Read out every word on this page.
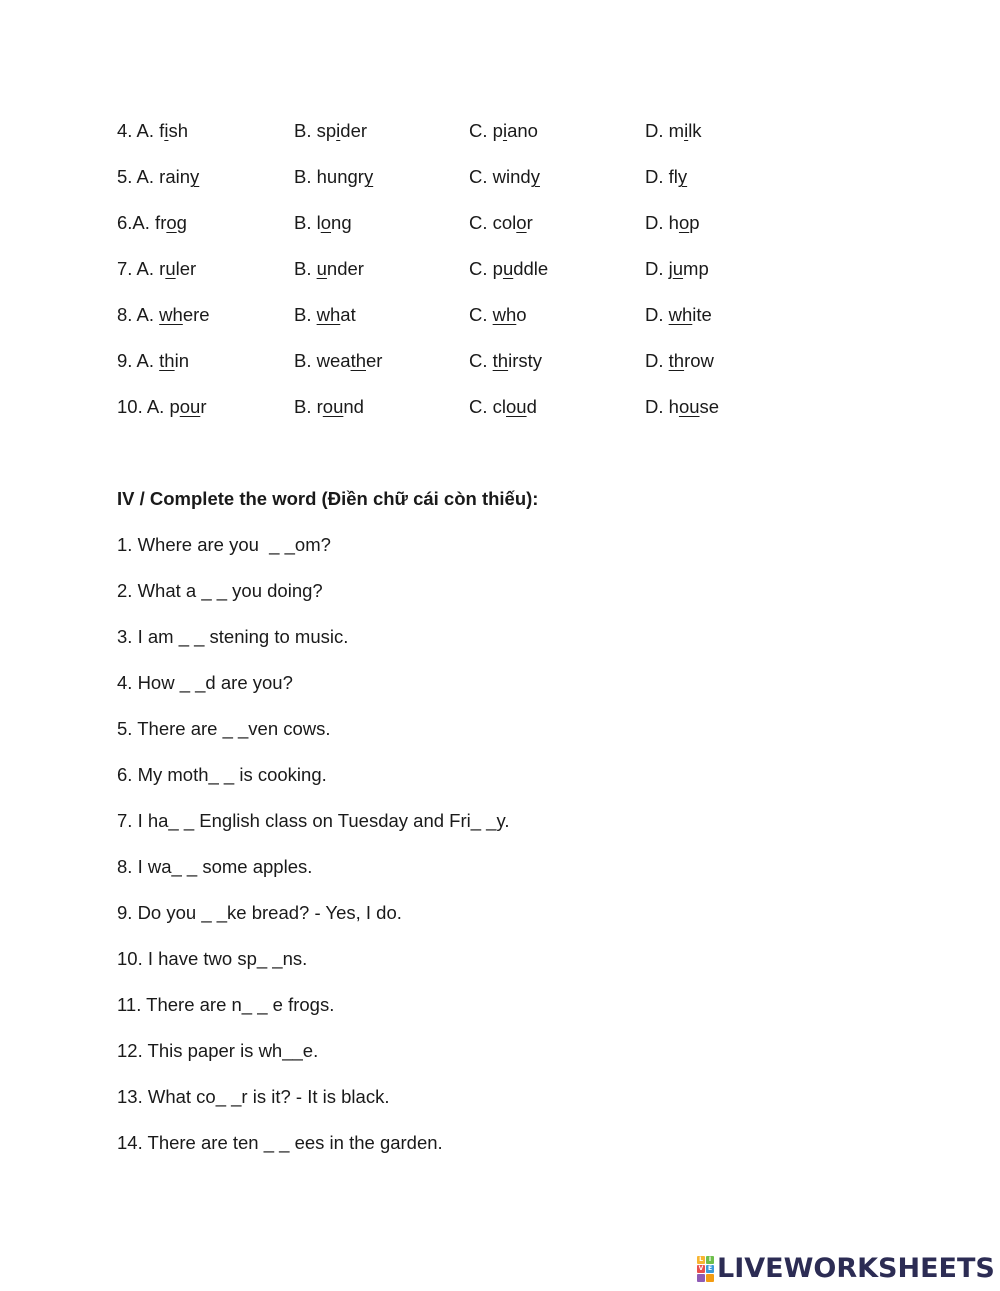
4. A. fish	B. spider	C. piano	D. milk
5. A. rainy	B. hungry	C. windy	D. fly
6.A. frog	B. long	C. color	D. hop
7. A. ruler	B. under	C. puddle	D. jump
8. A. where	B. what	C. who	D. white
9. A. thin	B. weather	C. thirsty	D. throw
10. A. pour	B. round	C. cloud	D. house
IV / Complete the word (Điền chữ cái còn thiếu):
1. Where are you  _ _om?
2. What a _ _ you doing?
3. I am _ _ stening to music.
4. How _ _d are you?
5. There are _ _ven cows.
6. My moth_ _ is cooking.
7. I ha_ _ English class on Tuesday and Fri_ _y.
8. I wa_ _ some apples.
9. Do you _ _ke bread? - Yes, I do.
10. I have two sp_ _ns.
11. There are n_ _ e frogs.
12. This paper is wh__e.
13. What co_ _r is it? - It is black.
14. There are ten _ _ ees in the garden.
L I
V E LIVEWORKSHEETS
